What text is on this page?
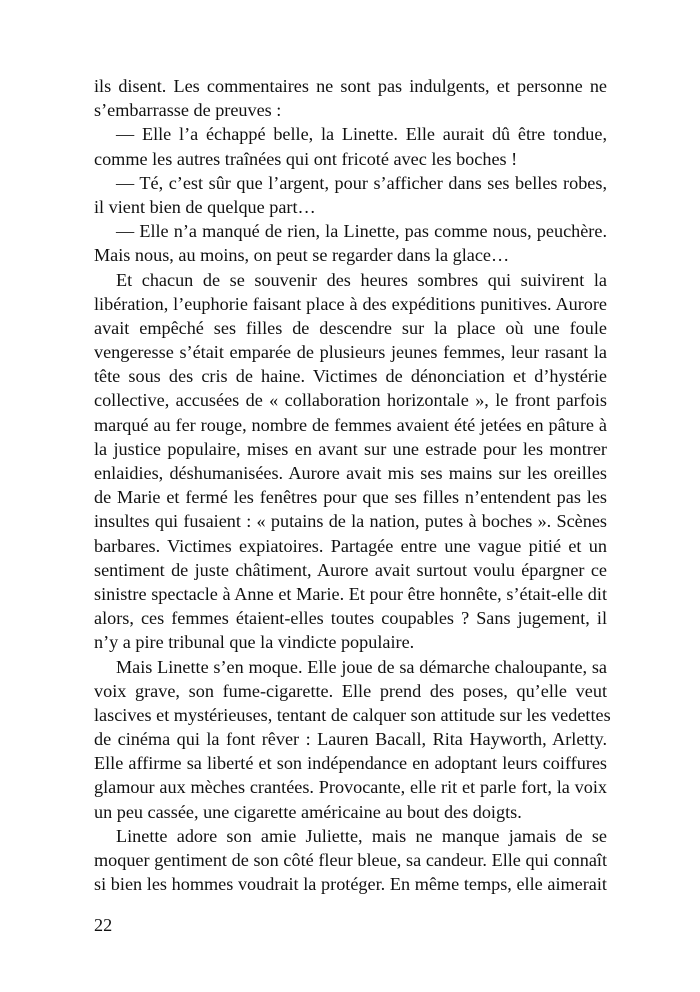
ils disent. Les commentaires ne sont pas indulgents, et personne ne
s’embarrasse de preuves :
— Elle l’a échappé belle, la Linette. Elle aurait dû être tondue,
comme les autres traînées qui ont fricoté avec les boches !
— Té, c’est sûr que l’argent, pour s’afficher dans ses belles robes,
il vient bien de quelque part…
— Elle n’a manqué de rien, la Linette, pas comme nous, peuchère.
Mais nous, au moins, on peut se regarder dans la glace…
Et chacun de se souvenir des heures sombres qui suivirent la
libération, l’euphorie faisant place à des expéditions punitives. Aurore
avait empêché ses filles de descendre sur la place où une foule
vengeresse s’était emparée de plusieurs jeunes femmes, leur rasant la
tête sous des cris de haine. Victimes de dénonciation et d’hystérie
collective, accusées de « collaboration horizontale », le front parfois
marqué au fer rouge, nombre de femmes avaient été jetées en pâture à
la justice populaire, mises en avant sur une estrade pour les montrer
enlaidies, déshumanisées. Aurore avait mis ses mains sur les oreilles
de Marie et fermé les fenêtres pour que ses filles n’entendent pas les
insultes qui fusaient : « putains de la nation, putes à boches ». Scènes
barbares. Victimes expiatoires. Partagée entre une vague pitié et un
sentiment de juste châtiment, Aurore avait surtout voulu épargner ce
sinistre spectacle à Anne et Marie. Et pour être honnête, s’était-elle dit
alors, ces femmes étaient-elles toutes coupables ? Sans jugement, il
n’y a pire tribunal que la vindicte populaire.
Mais Linette s’en moque. Elle joue de sa démarche chaloupante, sa
voix grave, son fume-cigarette. Elle prend des poses, qu’elle veut
lascives et mystérieuses, tentant de calquer son attitude sur les vedettes
de cinéma qui la font rêver : Lauren Bacall, Rita Hayworth, Arletty.
Elle affirme sa liberté et son indépendance en adoptant leurs coiffures
glamour aux mèches crantées. Provocante, elle rit et parle fort, la voix
un peu cassée, une cigarette américaine au bout des doigts.
Linette adore son amie Juliette, mais ne manque jamais de se
moquer gentiment de son côté fleur bleue, sa candeur. Elle qui connaît
si bien les hommes voudrait la protéger. En même temps, elle aimerait
22
